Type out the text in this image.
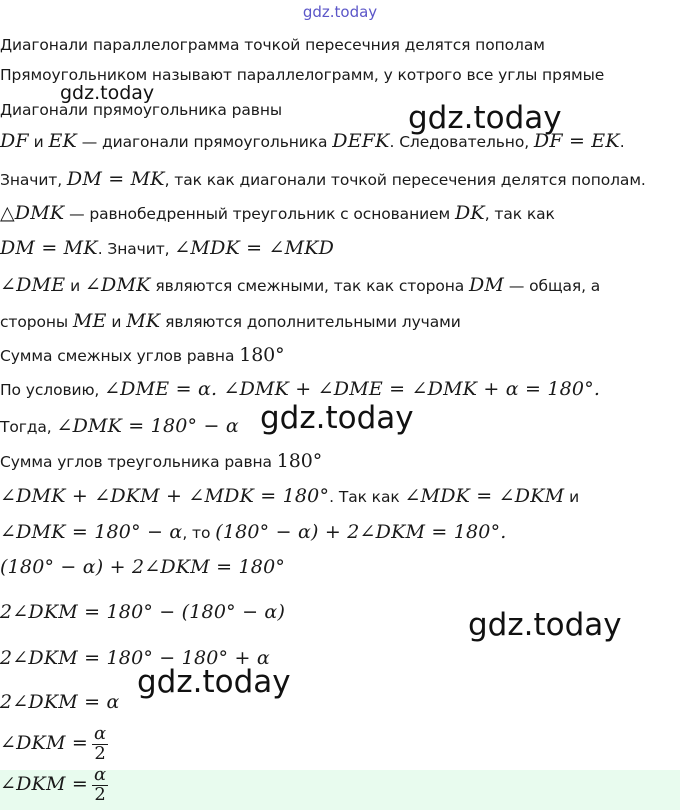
gdz.today
Диагонали параллелограмма точкой пересечния делятся пополам
Прямоугольником называют параллелограмм, у котрого все углы прямые
Диагонали прямоугольника равны
DF и EK — диагонали прямоугольника DEFK. Следовательно, DF = EK.
Значит, DM = MK, так как диагонали точкой пересечения делятся пополам.
△DMK — равнобедренный треугольник с основанием DK, так как
DM = MK. Значит, ∠MDK = ∠MKD
∠DME и ∠DMK являются смежными, так как сторона DM — общая, а
стороны ME и MK являются дополнительными лучами
Сумма смежных углов равна 180°
По условию, ∠DME = α. ∠DMK + ∠DME = ∠DMK + α = 180°.
Тогда, ∠DMK = 180° − α
Сумма углов треугольника равна 180°
∠DMK + ∠DKM + ∠MDK = 180°. Так как ∠MDK = ∠DKM и
∠DMK = 180° − α, то (180° − α) + 2∠DKM = 180°.
(180° − α) + 2∠DKM = 180°
2∠DKM = 180° − (180° − α)
2∠DKM = 180° − 180° + α
2∠DKM = α
∠DKM = $\frac{\alpha}{2}$
∠DKM = $\frac{\alpha}{2}$
gdz.today
gdz.today
gdz.today
gdz.today
gdz.today
